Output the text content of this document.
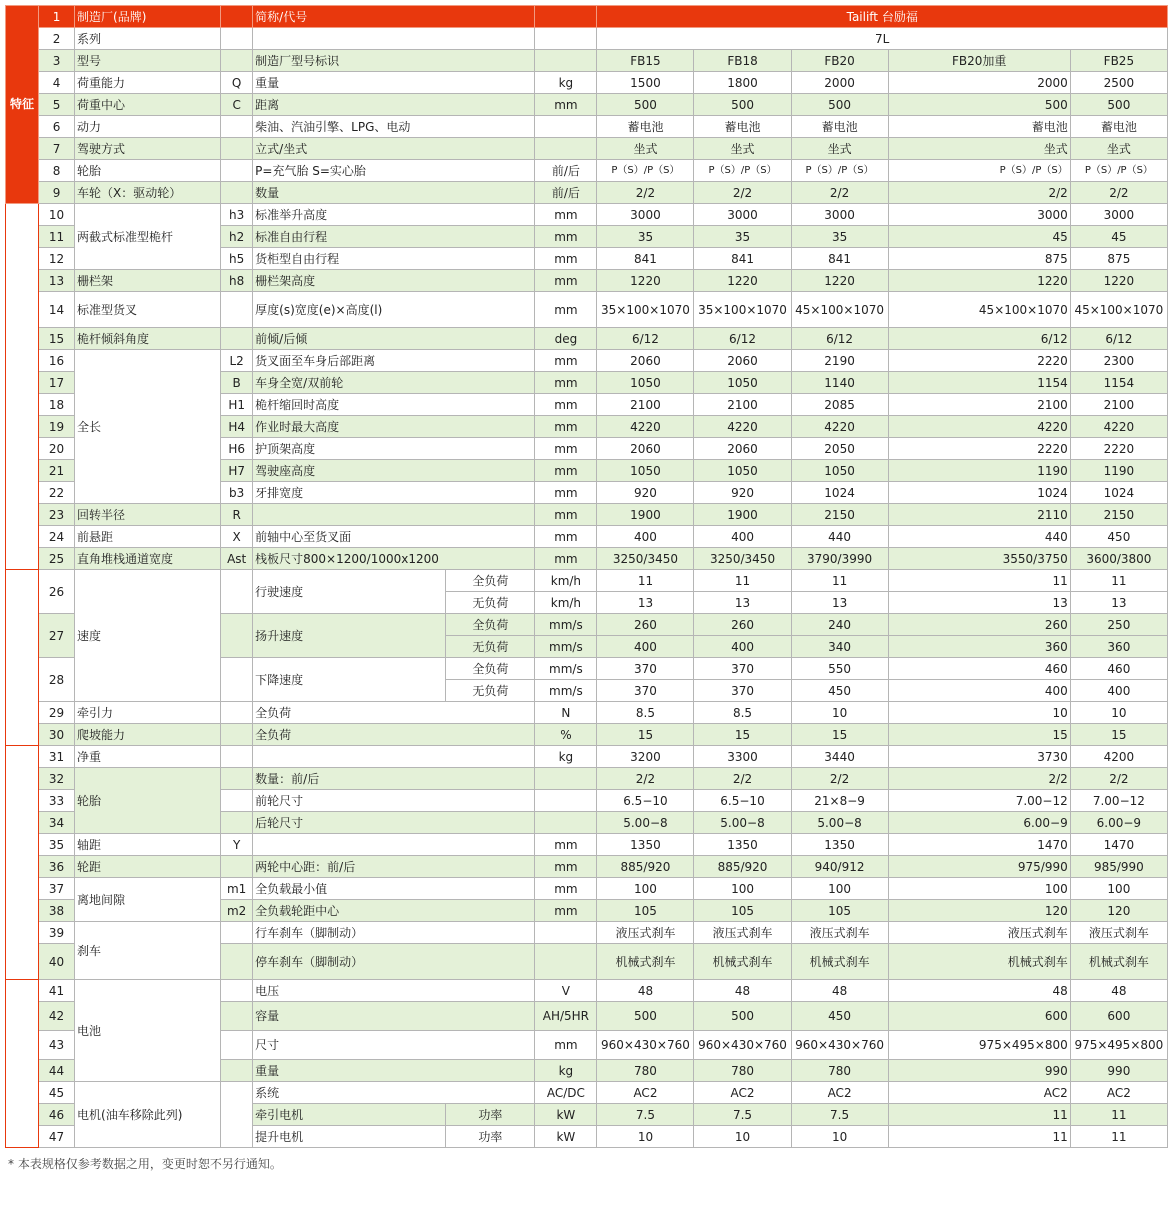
特征	1	制造厂(品牌)		简称/代号			Tailift 台励福				
	2	系列					7L				
	3	型号		制造厂型号标识			FB15	FB18	FB20	FB20加重	FB25
	4	荷重能力	Q	重量		kg	1500	1800	2000	2000	2500
	5	荷重中心	C	距离		mm	500	500	500	500	500
	6	动力		柴油、汽油引擎、LPG、电动			蓄电池	蓄电池	蓄电池	蓄电池	蓄电池
	7	驾驶方式		立式/坐式			坐式	坐式	坐式	坐式	坐式
	8	轮胎		P=充气胎 S=实心胎		前/后	P（S）/P（S）	P（S）/P（S）	P（S）/P（S）	P（S）/P（S）	P（S）/P（S）
	9	车轮（X：驱动轮）		数量		前/后	2/2	2/2	2/2	2/2	2/2
尺寸	10	两截式标准型桅杆	h3	标准举升高度		mm	3000	3000	3000	3000	3000
	11		h2	标准自由行程		mm	35	35	35	45	45
	12		h5	货柜型自由行程		mm	841	841	841	875	875
	13	栅栏架	h8	栅栏架高度		mm	1220	1220	1220	1220	1220
	14	标准型货叉		厚度(s)宽度(e)×高度(l)		mm	35×100×1070	35×100×1070	45×100×1070	45×100×1070	45×100×1070
	15	桅杆倾斜角度		前倾/后倾		deg	6/12	6/12	6/12	6/12	6/12
	16	全长	L2	货叉面至车身后部距离		mm	2060	2060	2190	2220	2300
	17		B	车身全宽/双前轮		mm	1050	1050	1140	1154	1154
	18		H1	桅杆缩回时高度		mm	2100	2100	2085	2100	2100
	19		H4	作业时最大高度		mm	4220	4220	4220	4220	4220
	20		H6	护顶架高度		mm	2060	2060	2050	2220	2220
	21		H7	驾驶座高度		mm	1050	1050	1050	1190	1190
	22		b3	牙排宽度		mm	920	920	1024	1024	1024
	23	回转半径	R			mm	1900	1900	2150	2110	2150
	24	前悬距	X	前轴中心至货叉面		mm	400	400	440	440	450
	25	直角堆栈通道宽度	Ast	栈板尺寸800×1200/1000x1200		mm	3250/3450	3250/3450	3790/3990	3550/3750	3600/3800
性能	26	速度		行驶速度	全负荷	km/h	11	11	11	11	11
					无负荷	km/h	13	13	13	13	13
	27			扬升速度	全负荷	mm/s	260	260	240	260	250
					无负荷	mm/s	400	400	340	360	360
	28			下降速度	全负荷	mm/s	370	370	550	460	460
					无负荷	mm/s	370	370	450	400	400
	29	牵引力		全负荷		N	8.5	8.5	10	10	10
	30	爬坡能力		全负荷		%	15	15	15	15	15
车体	31	净重				kg	3200	3300	3440	3730	4200
	32	轮胎		数量：前/后			2/2	2/2	2/2	2/2	2/2
	33			前轮尺寸			6.5−10	6.5−10	21×8−9	7.00−12	7.00−12
	34			后轮尺寸			5.00−8	5.00−8	5.00−8	6.00−9	6.00−9
	35	轴距	Y			mm	1350	1350	1350	1470	1470
	36	轮距		两轮中心距：前/后		mm	885/920	885/920	940/912	975/990	985/990
	37	离地间隙	m1	全负载最小值		mm	100	100	100	100	100
	38		m2	全负载轮距中心		mm	105	105	105	120	120
	39	刹车		行车刹车（脚制动）			液压式刹车	液压式刹车	液压式刹车	液压式刹车	液压式刹车
	40			停车刹车（脚制动）			机械式刹车	机械式刹车	机械式刹车	机械式刹车	机械式刹车
驱动	41	电池		电压		V	48	48	48	48	48
	42			容量		AH/5HR	500	500	450	600	600
	43			尺寸		mm	960×430×760	960×430×760	960×430×760	975×495×800	975×495×800
	44			重量		kg	780	780	780	990	990
	45	电机(油车移除此列)		系统		AC/DC	AC2	AC2	AC2	AC2	AC2
	46			牵引电机	功率	kW	7.5	7.5	7.5	11	11
	47			提升电机	功率	kW	10	10	10	11	11
* 本表规格仅参考数据之用，变更时恕不另行通知。
